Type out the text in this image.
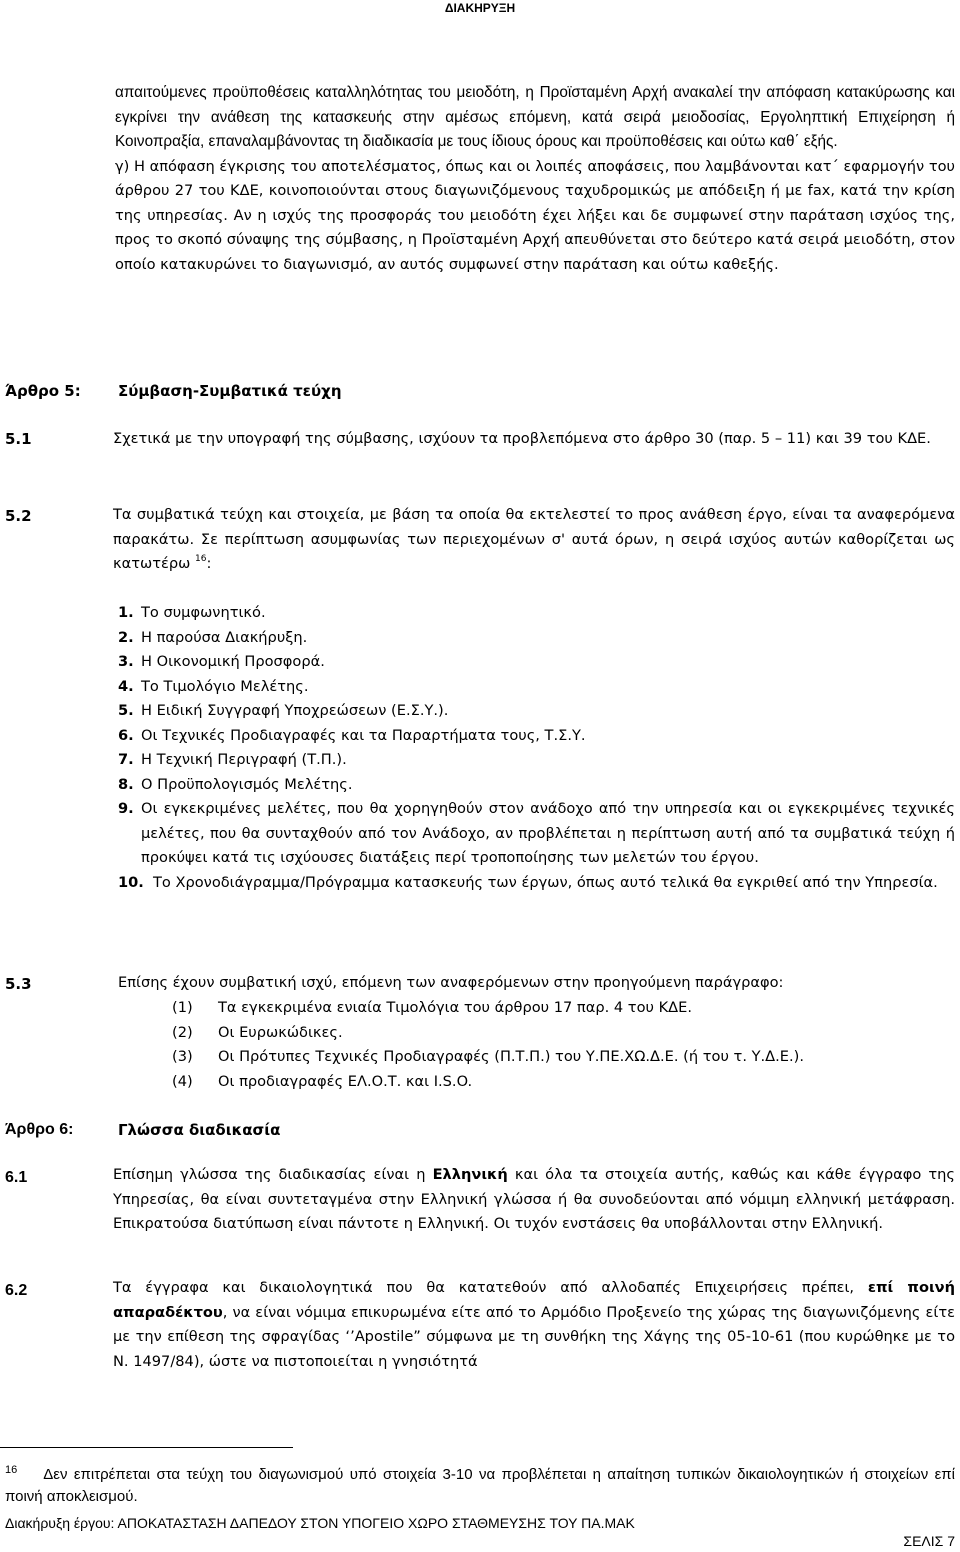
ΔΙΑΚΗΡΥΞΗ

απαιτούμενες προϋποθέσεις καταλληλότητας του μειοδότη, η Προϊσταμένη Αρχή ανακαλεί την απόφαση κατακύρωσης και εγκρίνει την ανάθεση της κατασκευής στην αμέσως επόμενη, κατά σειρά μειοδοσίας, Εργοληπτική Επιχείρηση ή Κοινοπραξία, επαναλαμβάνοντας τη διαδικασία με τους ίδιους όρους και προϋποθέσεις και ούτω καθ΄ εξής.

γ) Η απόφαση έγκρισης του αποτελέσματος, όπως και οι λοιπές αποφάσεις, που λαμβάνονται κατ΄ εφαρμογήν του άρθρου 27 του ΚΔΕ, κοινοποιούνται στους διαγωνιζόμενους ταχυδρομικώς με απόδειξη ή με fax, κατά την κρίση της υπηρεσίας. Αν η ισχύς της προσφοράς του μειοδότη έχει λήξει και δε συμφωνεί στην παράταση ισχύος της, προς το σκοπό σύναψης της σύμβασης, η Προϊσταμένη Αρχή απευθύνεται στο δεύτερο κατά σειρά μειοδότη, στον οποίο κατακυρώνει το διαγωνισμό, αν αυτός συμφωνεί στην παράταση και ούτω καθεξής.

Άρθρο 5: Σύμβαση-Συμβατικά τεύχη
5.1	Σχετικά με την υπογραφή της σύμβασης, ισχύουν τα προβλεπόμενα στο άρθρο 30 (παρ. 5 – 11) και 39 του ΚΔΕ.

5.2	Τα συμβατικά τεύχη και στοιχεία, με βάση τα οποία θα εκτελεστεί το προς ανάθεση έργο, είναι τα αναφερόμενα παρακάτω. Σε περίπτωση ασυμφωνίας των περιεχομένων σ' αυτά όρων, η σειρά ισχύος αυτών καθορίζεται ως κατωτέρω $^{16}$:

1. Το συμφωνητικό.
2. Η παρούσα Διακήρυξη.
3. Η Οικονομική Προσφορά.
4. Το Τιμολόγιο Μελέτης.
5. Η Ειδική Συγγραφή Υποχρεώσεων (Ε.Σ.Υ.).
6. Οι Τεχνικές Προδιαγραφές και τα Παραρτήματα τους, Τ.Σ.Υ.
7. Η Τεχνική Περιγραφή (Τ.Π.).
8. Ο Προϋπολογισμός Μελέτης.
9. Οι εγκεκριμένες μελέτες, που θα χορηγηθούν στον ανάδοχο από την υπηρεσία και οι εγκεκριμένες τεχνικές μελέτες, που θα συνταχθούν από τον Ανάδοχο, αν προβλέπεται η περίπτωση αυτή από τα συμβατικά τεύχη ή προκύψει κατά τις ισχύουσες διατάξεις περί τροποποίησης των μελετών του έργου.
10. Το Χρονοδιάγραμμα/Πρόγραμμα κατασκευής των έργων, όπως αυτό τελικά θα εγκριθεί από την Υπηρεσία.
5.3	Επίσης έχουν συμβατική ισχύ, επόμενη των αναφερόμενων στην προηγούμενη παράγραφο:

(1)	Τα εγκεκριμένα ενιαία Τιμολόγια του άρθρου 17 παρ. 4 του ΚΔΕ.
(2)	Οι Ευρωκώδικες.
(3)	Οι Πρότυπες Τεχνικές Προδιαγραφές (Π.Τ.Π.) του Υ.ΠΕ.ΧΩ.Δ.Ε. (ή του τ. Υ.Δ.Ε.).
(4)	Οι προδιαγραφές ΕΛ.Ο.Τ. και I.S.O.
Άρθρο 6:	Γλώσσα διαδικασία
6.1	Επίσημη γλώσσα της διαδικασίας είναι η Ελληνική και όλα τα στοιχεία αυτής, καθώς και κάθε έγγραφο της Υπηρεσίας, θα είναι συντεταγμένα στην Ελληνική γλώσσα ή θα συνοδεύονται από νόμιμη ελληνική μετάφραση. Επικρατούσα διατύπωση είναι πάντοτε η Ελληνική. Οι τυχόν ενστάσεις θα υποβάλλονται στην Ελληνική.

6.2	Τα έγγραφα και δικαιολογητικά που θα κατατεθούν από αλλοδαπές Επιχειρήσεις πρέπει, επί ποινή απαραδέκτου, να είναι νόμιμα επικυρωμένα είτε από το Αρμόδιο Προξενείο της χώρας της διαγωνιζόμενης είτε με την επίθεση της σφραγίδας ‘’Apostile” σύμφωνα με τη συνθήκη της Χάγης της 05-10-61 (που κυρώθηκε με το Ν. 1497/84), ώστε να πιστοποιείται η γνησιότητά

$^{16}$ Δεν επιτρέπεται στα τεύχη του διαγωνισμού υπό στοιχεία 3-10 να προβλέπεται η απαίτηση τυπικών δικαιολογητικών ή στοιχείων επί ποινή αποκλεισμού.
Διακήρυξη έργου: ΑΠΟΚΑΤΑΣΤΑΣΗ ΔΑΠΕΔΟΥ ΣΤΟΝ ΥΠΟΓΕΙΟ ΧΩΡΟ ΣΤΑΘΜΕΥΣΗΣ ΤΟΥ ΠΑ.ΜΑΚ
ΣΕΛΙΣ 7
